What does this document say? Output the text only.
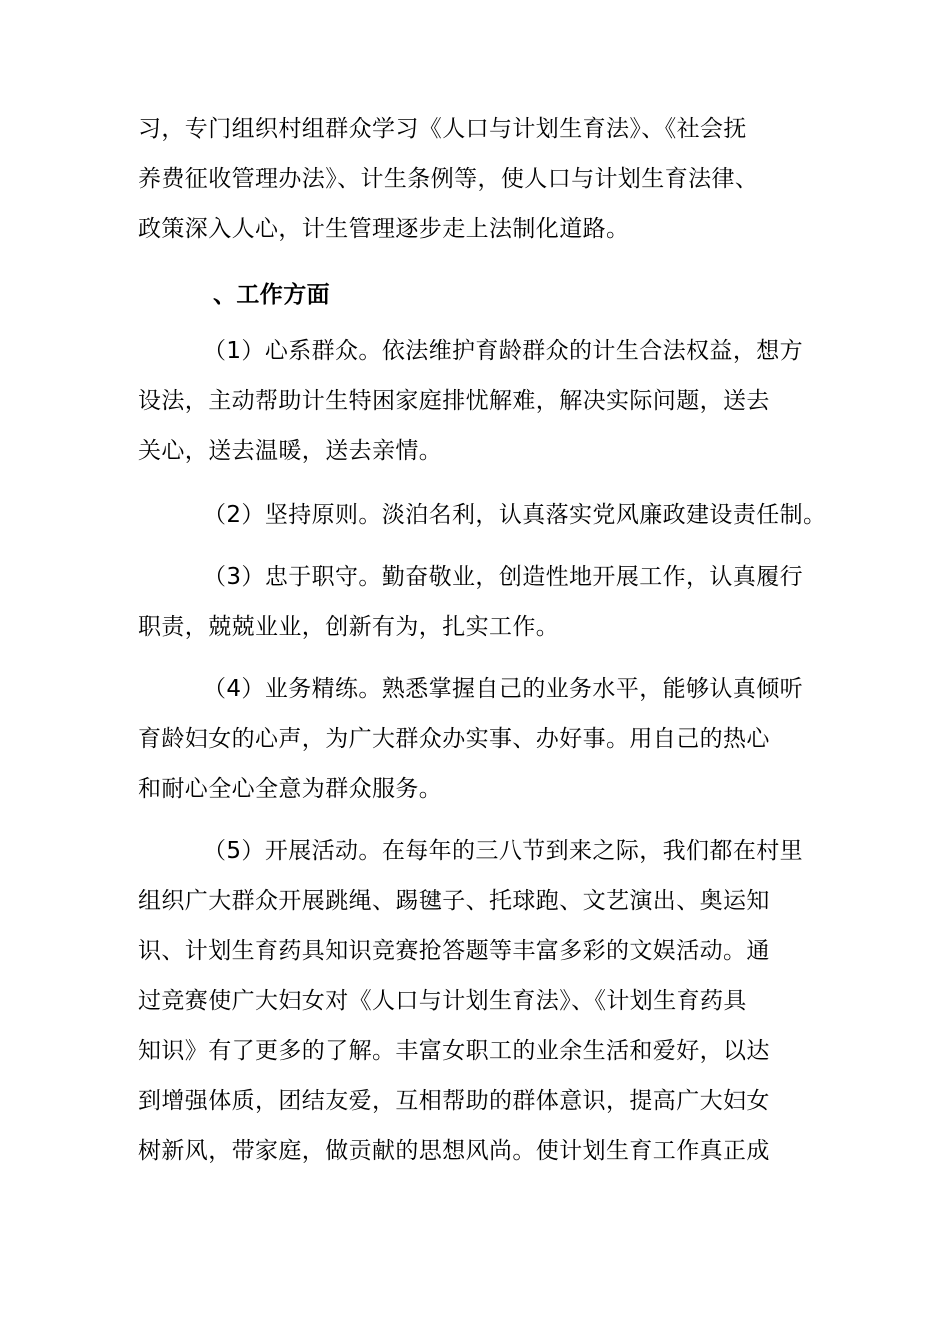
习，专门组织村组群众学习《人口与计划生育法》、《社会抚
养费征收管理办法》、计生条例等，使人口与计划生育法律、
政策深入人心，计生管理逐步走上法制化道路。
、工作方面
（1）心系群众。依法维护育龄群众的计生合法权益，想方
设法，主动帮助计生特困家庭排忧解难，解决实际问题，送去
关心，送去温暖，送去亲情。
（2）坚持原则。淡泊名利，认真落实党风廉政建设责任制。
（3）忠于职守。勤奋敬业，创造性地开展工作，认真履行
职责，兢兢业业，创新有为，扎实工作。
（4）业务精练。熟悉掌握自己的业务水平，能够认真倾听
育龄妇女的心声，为广大群众办实事、办好事。用自己的热心
和耐心全心全意为群众服务。
（5）开展活动。在每年的三八节到来之际，我们都在村里
组织广大群众开展跳绳、踢毽子、托球跑、文艺演出、奥运知
识、计划生育药具知识竞赛抢答题等丰富多彩的文娱活动。通
过竞赛使广大妇女对《人口与计划生育法》、《计划生育药具
知识》有了更多的了解。丰富女职工的业余生活和爱好，以达
到增强体质，团结友爱，互相帮助的群体意识，提高广大妇女
树新风，带家庭，做贡献的思想风尚。使计划生育工作真正成
